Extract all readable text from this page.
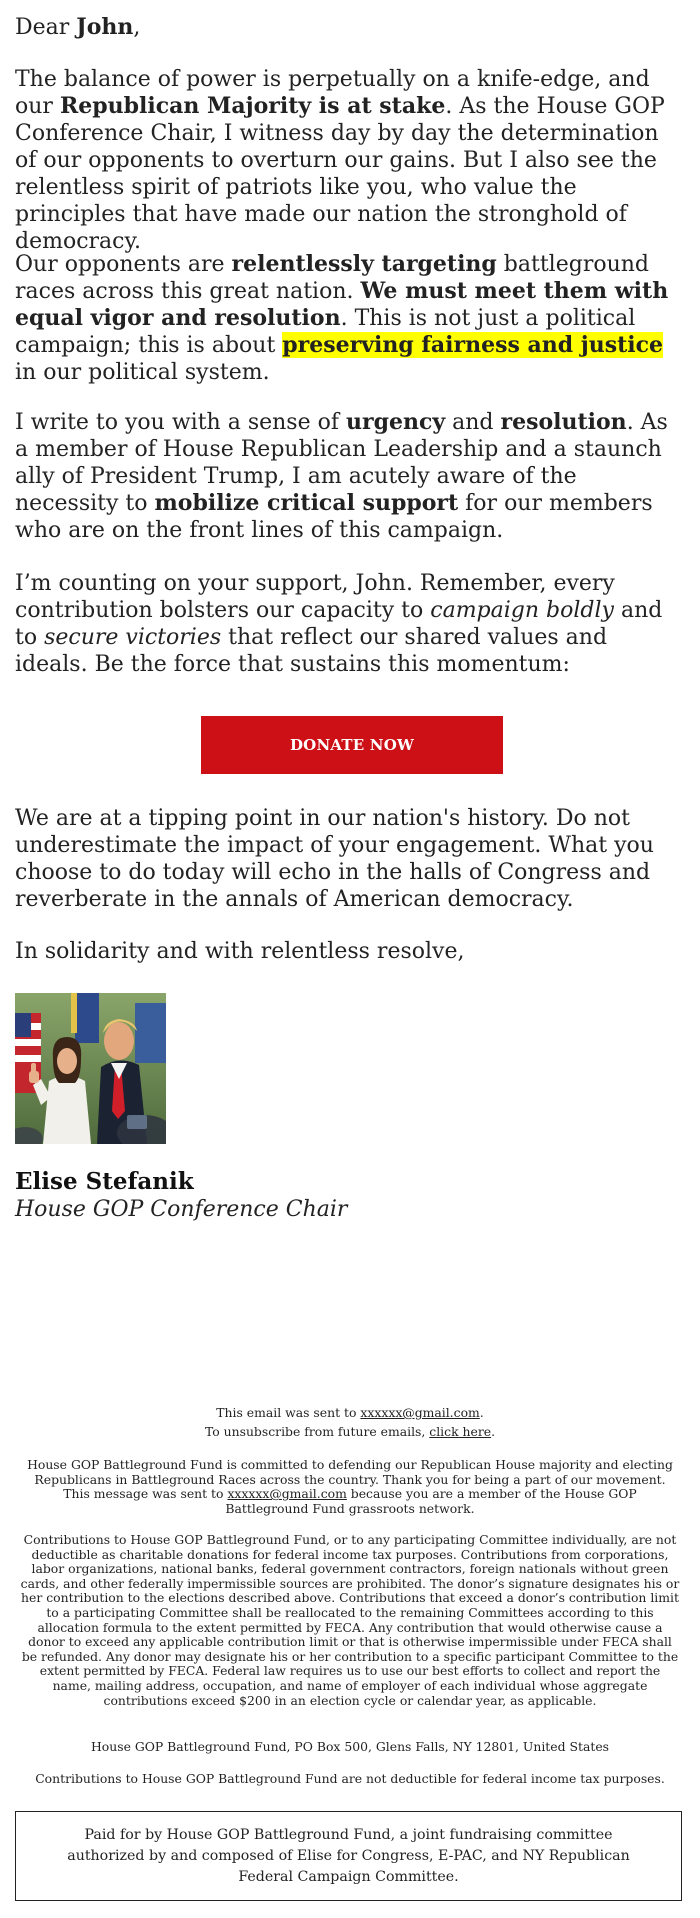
Dear John,

The balance of power is perpetually on a knife-edge, and our Republican Majority is at stake. As the House GOP Conference Chair, I witness day by day the determination of our opponents to overturn our gains. But I also see the relentless spirit of patriots like you, who value the principles that have made our nation the stronghold of democracy.

Our opponents are relentlessly targeting battleground races across this great nation. We must meet them with equal vigor and resolution. This is not just a political campaign; this is about preserving fairness and justice in our political system.

I write to you with a sense of urgency and resolution. As a member of House Republican Leadership and a staunch ally of President Trump, I am acutely aware of the necessity to mobilize critical support for our members who are on the front lines of this campaign.

I’m counting on your support, John. Remember, every contribution bolsters our capacity to campaign boldly and to secure victories that reflect our shared values and ideals. Be the force that sustains this momentum:

We are at a tipping point in our nation's history. Do not underestimate the impact of your engagement. What you choose to do today will echo in the halls of Congress and reverberate in the annals of American democracy.

In solidarity and with relentless resolve,

DONATE NOW

Elise Stefanik

House GOP Conference Chair

This email was sent to xxxxxx@gmail.com.

To unsubscribe from future emails, click here.

House GOP Battleground Fund is committed to defending our Republican House majority and electing Republicans in Battleground Races across the country. Thank you for being a part of our movement. This message was sent to xxxxxx@gmail.com because you are a member of the House GOP Battleground Fund grassroots network.

Contributions to House GOP Battleground Fund, or to any participating Committee individually, are not deductible as charitable donations for federal income tax purposes. Contributions from corporations, labor organizations, national banks, federal government contractors, foreign nationals without green cards, and other federally impermissible sources are prohibited. The donor’s signature designates his or her contribution to the elections described above. Contributions that exceed a donor’s contribution limit to a participating Committee shall be reallocated to the remaining Committees according to this allocation formula to the extent permitted by FECA. Any contribution that would otherwise cause a donor to exceed any applicable contribution limit or that is otherwise impermissible under FECA shall be refunded. Any donor may designate his or her contribution to a specific participant Committee to the extent permitted by FECA. Federal law requires us to use our best efforts to collect and report the name, mailing address, occupation, and name of employer of each individual whose aggregate contributions exceed $200 in an election cycle or calendar year, as applicable.

House GOP Battleground Fund, PO Box 500, Glens Falls, NY 12801, United States

Contributions to House GOP Battleground Fund are not deductible for federal income tax purposes.

Paid for by House GOP Battleground Fund, a joint fundraising committee authorized by and composed of Elise for Congress, E-PAC, and NY Republican Federal Campaign Committee.
